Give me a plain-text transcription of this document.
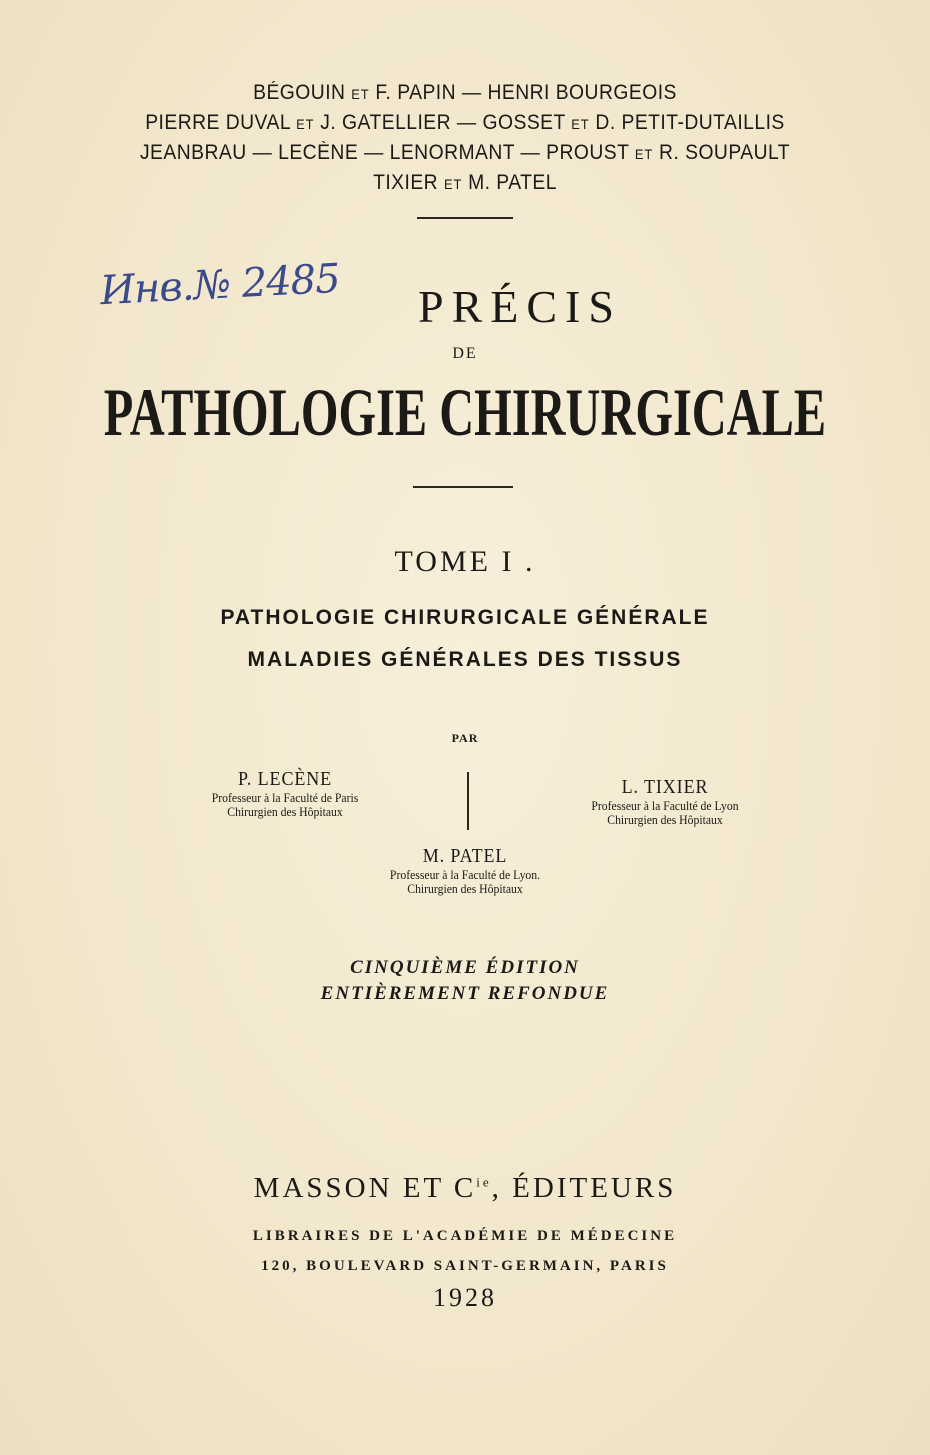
BÉGOUIN ET F. PAPIN — HENRI BOURGEOIS
PIERRE DUVAL ET J. GATELLIER — GOSSET ET D. PETIT-DUTAILLIS
JEANBRAU — LECÈNE — LENORMANT — PROUST ET R. SOUPAULT
TIXIER ET M. PATEL
Инв.№ 2485	PRÉCIS
DE
PATHOLOGIE CHIRURGICALE
TOME I .
PATHOLOGIE CHIRURGICALE GÉNÉRALE
MALADIES GÉNÉRALES DES TISSUS
PAR
P. LECÈNE
Professeur à la Faculté de Paris
Chirurgien des Hôpitaux
L. TIXIER
Professeur à la Faculté de Lyon
Chirurgien des Hôpitaux
M. PATEL
Professeur à la Faculté de Lyon.
Chirurgien des Hôpitaux
CINQUIÈME ÉDITION
ENTIÈREMENT REFONDUE
MASSON ET $C^{ie}$, ÉDITEURS
LIBRAIRES DE L'ACADÉMIE DE MÉDECINE
120, BOULEVARD SAINT-GERMAIN, PARIS
1928
